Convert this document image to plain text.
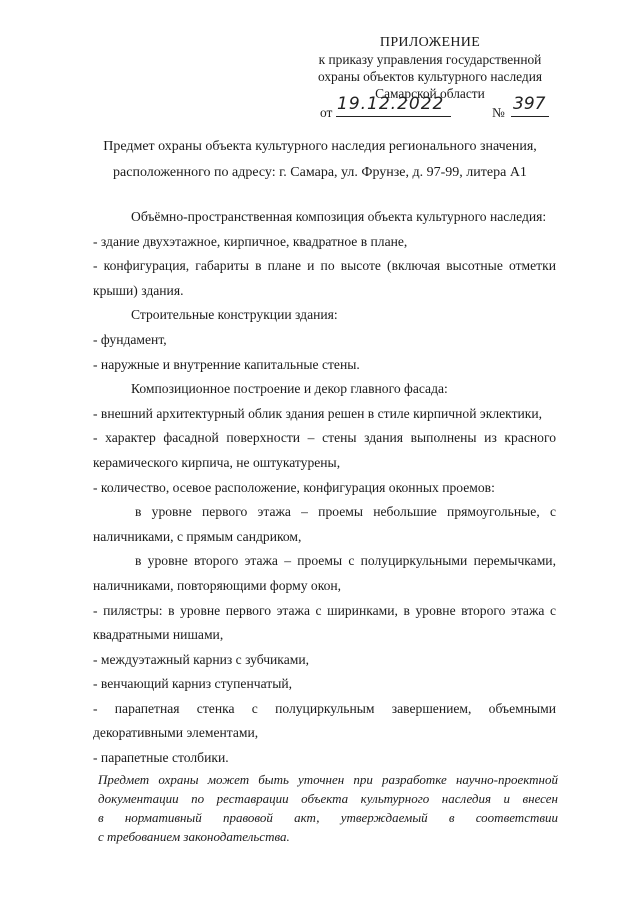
ПРИЛОЖЕНИЕ
к приказу управления государственной
охраны объектов культурного наследия
Самарской области
от 19.12.2022	№ 397
Предмет охраны объекта культурного наследия регионального значения,
расположенного по адресу: г. Самара, ул. Фрунзе, д. 97-99, литера А1

Объёмно-пространственная композиция объекта культурного наследия:

- здание двухэтажное, кирпичное, квадратное в плане,

- конфигурация, габариты в плане и по высоте (включая высотные отметки крыши) здания.

Строительные конструкции здания:

- фундамент,

- наружные и внутренние капитальные стены.

Композиционное построение и декор главного фасада:

- внешний архитектурный облик здания решен в стиле кирпичной эклектики,

- характер фасадной поверхности – стены здания выполнены из красного керамического кирпича, не оштукатурены,

- количество, осевое расположение, конфигурация оконных проемов:

в уровне первого этажа – проемы небольшие прямоугольные, с наличниками, с прямым сандриком,

в уровне второго этажа – проемы с полуциркульными перемычками, наличниками, повторяющими форму окон,

- пилястры: в уровне первого этажа с ширинками, в уровне второго этажа с квадратными нишами,

- междуэтажный карниз с зубчиками,

- венчающий карниз ступенчатый,

- парапетная стенка с полуциркульным завершением, объемными декоративными элементами,

- парапетные столбики.

Предмет охраны может быть уточнен при разработке научно-проектной
документации по реставрации объекта культурного наследия и внесен
в нормативный правовой акт, утверждаемый в соответствии
с требованием законодательства.
